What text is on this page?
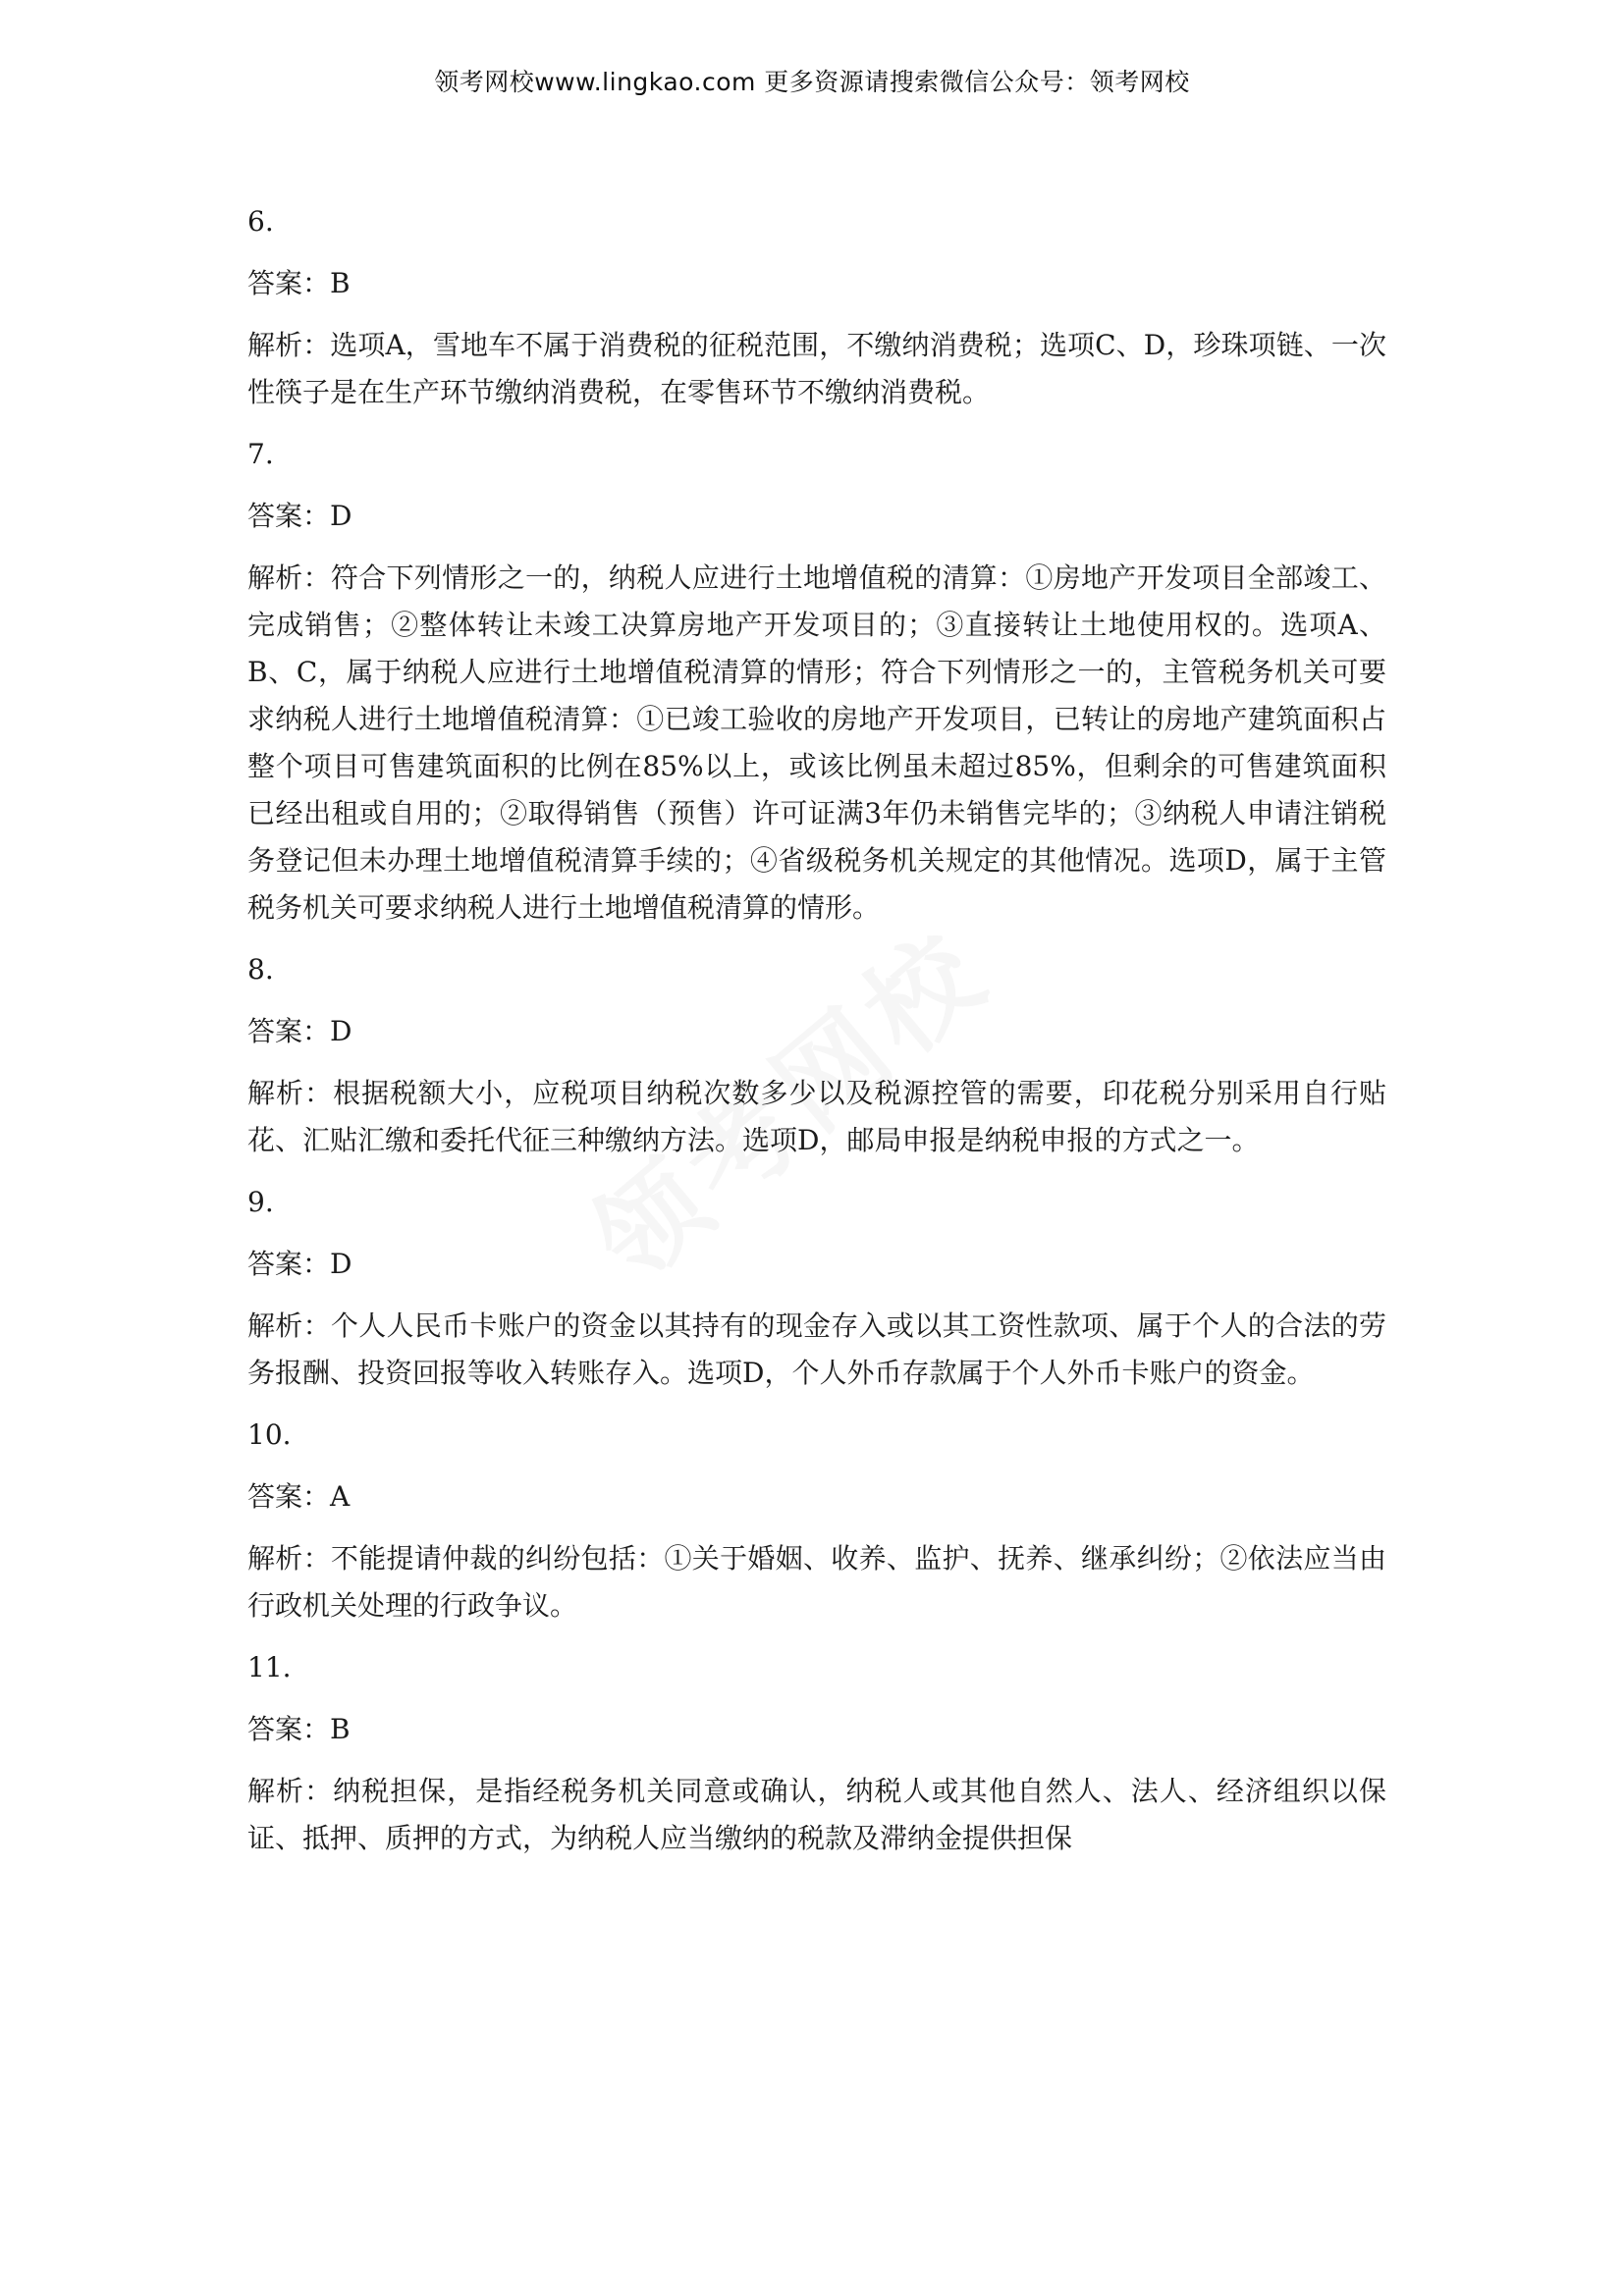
领考网校www.lingkao.com 更多资源请搜索微信公众号：领考网校

6.

答案：B

解析：选项A，雪地车不属于消费税的征税范围，不缴纳消费税；选项C、D，珍珠项链、一次性筷子是在生产环节缴纳消费税，在零售环节不缴纳消费税。

7.

答案：D

解析：符合下列情形之一的，纳税人应进行土地增值税的清算：①房地产开发项目全部竣工、完成销售；②整体转让未竣工决算房地产开发项目的；③直接转让土地使用权的。选项A、B、C，属于纳税人应进行土地增值税清算的情形；符合下列情形之一的，主管税务机关可要求纳税人进行土地增值税清算：①已竣工验收的房地产开发项目，已转让的房地产建筑面积占整个项目可售建筑面积的比例在85%以上，或该比例虽未超过85%，但剩余的可售建筑面积已经出租或自用的；②取得销售（预售）许可证满3年仍未销售完毕的；③纳税人申请注销税务登记但未办理土地增值税清算手续的；④省级税务机关规定的其他情况。选项D，属于主管税务机关可要求纳税人进行土地增值税清算的情形。

8.

答案：D

解析：根据税额大小，应税项目纳税次数多少以及税源控管的需要，印花税分别采用自行贴花、汇贴汇缴和委托代征三种缴纳方法。选项D，邮局申报是纳税申报的方式之一。

9.

答案：D

解析：个人人民币卡账户的资金以其持有的现金存入或以其工资性款项、属于个人的合法的劳务报酬、投资回报等收入转账存入。选项D，个人外币存款属于个人外币卡账户的资金。

10.

答案：A

解析：不能提请仲裁的纠纷包括：①关于婚姻、收养、监护、抚养、继承纠纷；②依法应当由行政机关处理的行政争议。

11.

答案：B

解析：纳税担保，是指经税务机关同意或确认，纳税人或其他自然人、法人、经济组织以保证、抵押、质押的方式，为纳税人应当缴纳的税款及滞纳金提供担保
